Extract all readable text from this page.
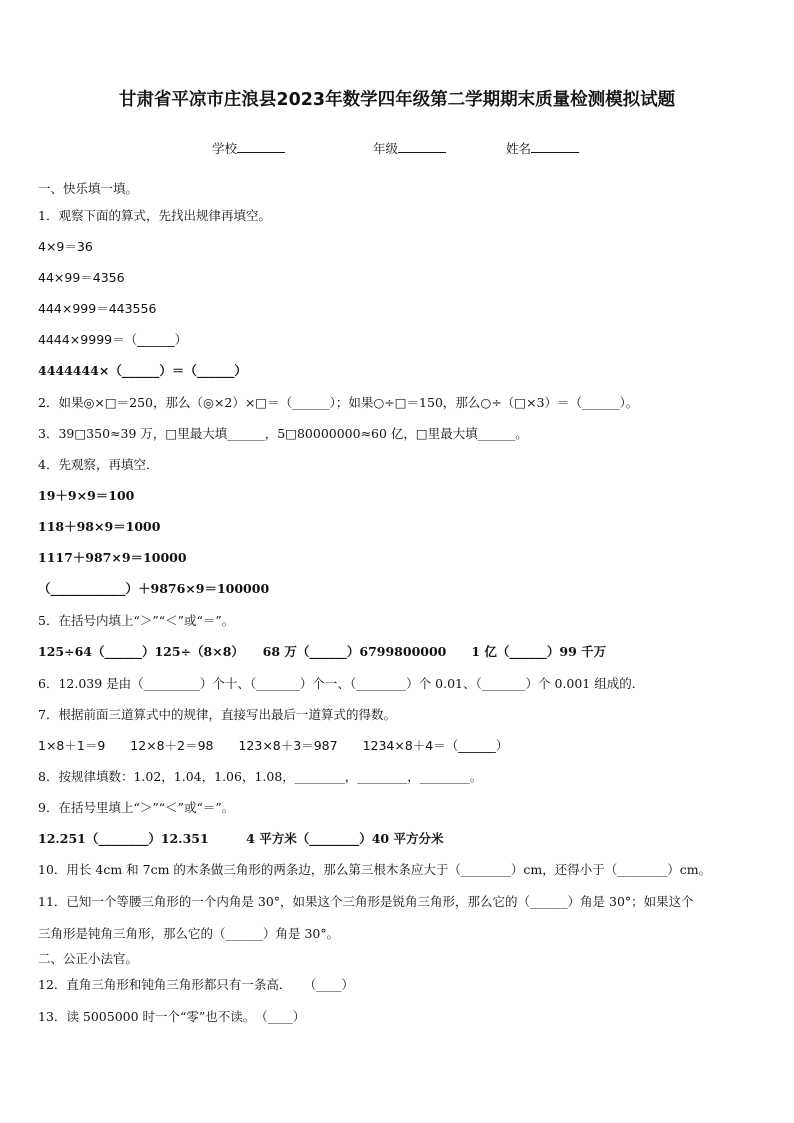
甘肃省平凉市庄浪县2023年数学四年级第二学期期末质量检测模拟试题
学校	年级	姓名
一、快乐填一填。
1．观察下面的算式，先找出规律再填空。
4×9＝36
44×99＝4356
444×999＝443556
4444×9999＝（______）
4444444×（______）＝（______）
2．如果◎×□＝250，那么（◎×2）×□＝（______）；如果○÷□＝150，那么○÷（□×3）＝（______）。
3．39□350≈39 万，□里最大填______，5□80000000≈60 亿，□里最大填______。
4．先观察，再填空．
19＋9×9＝100
118＋98×9＝1000
1117＋987×9＝10000
（____________）＋9876×9＝100000
5．在括号内填上“＞”“＜”或“＝”。
125÷64（______）125÷（8×8）　　68 万（______）6799800000　　1 亿（______）99 千万
6．12.039 是由（_________）个十、（_______）个一、（________）个 0.01、（_______）个 0.001 组成的．
7．根据前面三道算式中的规律，直接写出最后一道算式的得数。
1×8＋1＝9　　12×8＋2＝98　　123×8＋3＝987　　1234×8＋4＝（______）
8．按规律填数：1.02，1.04，1.06，1.08，________，________，________。
9．在括号里填上“＞”“＜”或“＝”。
12.251（________）12.351　　　4 平方米（________）40 平方分米
10．用长 4cm 和 7cm 的木条做三角形的两条边，那么第三根木条应大于（________）cm，还得小于（________）cm。
11．已知一个等腰三角形的一个内角是 30°，如果这个三角形是锐角三角形，那么它的（______）角是 30°；如果这个
三角形是钝角三角形，那么它的（______）角是 30°。
二、公正小法官。
12．直角三角形和钝角三角形都只有一条高．　　（____）
13．读 5005000 时一个“零”也不读。　（____）
